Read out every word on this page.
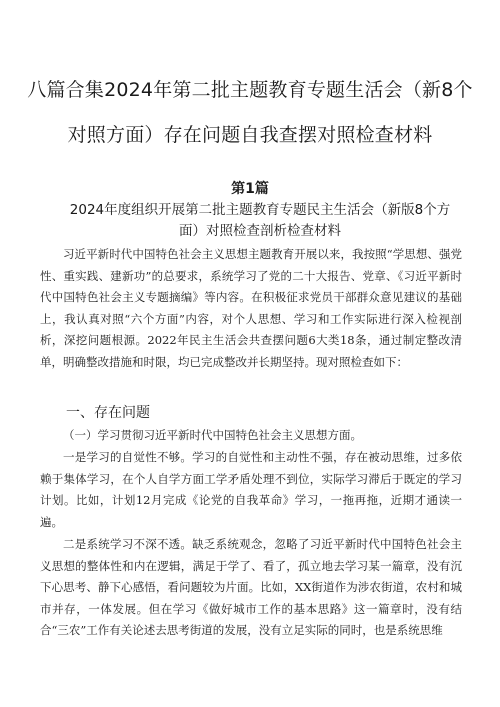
八篇合集2024年第二批主题教育专题生活会（新8个
对照方面）存在问题自我查摆对照检查材料

第1篇

2024年度组织开展第二批主题教育专题民主生活会（新版8个方面）对照检查剖析检查材料

习近平新时代中国特色社会主义思想主题教育开展以来，我按照“学思想、强党性、重实践、建新功”的总要求，系统学习了党的二十大报告、党章、《习近平新时代中国特色社会主义专题摘编》等内容。在积极征求党员干部群众意见建议的基础上，我认真对照“六个方面”内容，对个人思想、学习和工作实际进行深入检视剖析，深挖问题根源。2022年民主生活会共查摆问题6大类18条，通过制定整改清单，明确整改措施和时限，均已完成整改并长期坚持。现对照检查如下：

一、存在问题

（一）学习贯彻习近平新时代中国特色社会主义思想方面。

一是学习的自觉性不够。学习的自觉性和主动性不强，存在被动思维，过多依赖于集体学习，在个人自学方面工学矛盾处理不到位，实际学习滞后于既定的学习计划。比如，计划12月完成《论党的自我革命》学习，一拖再拖，近期才通读一遍。

二是系统学习不深不透。缺乏系统观念，忽略了习近平新时代中国特色社会主义思想的整体性和内在逻辑，满足于学了、看了，孤立地去学习某一篇章，没有沉下心思考、静下心感悟，看问题较为片面。比如，XX街道作为涉农街道，农村和城市并存，一体发展。但在学习《做好城市工作的基本思路》这一篇章时，没有结合“三农”工作有关论述去思考街道的发展，没有立足实际的同时，也是系统思维
